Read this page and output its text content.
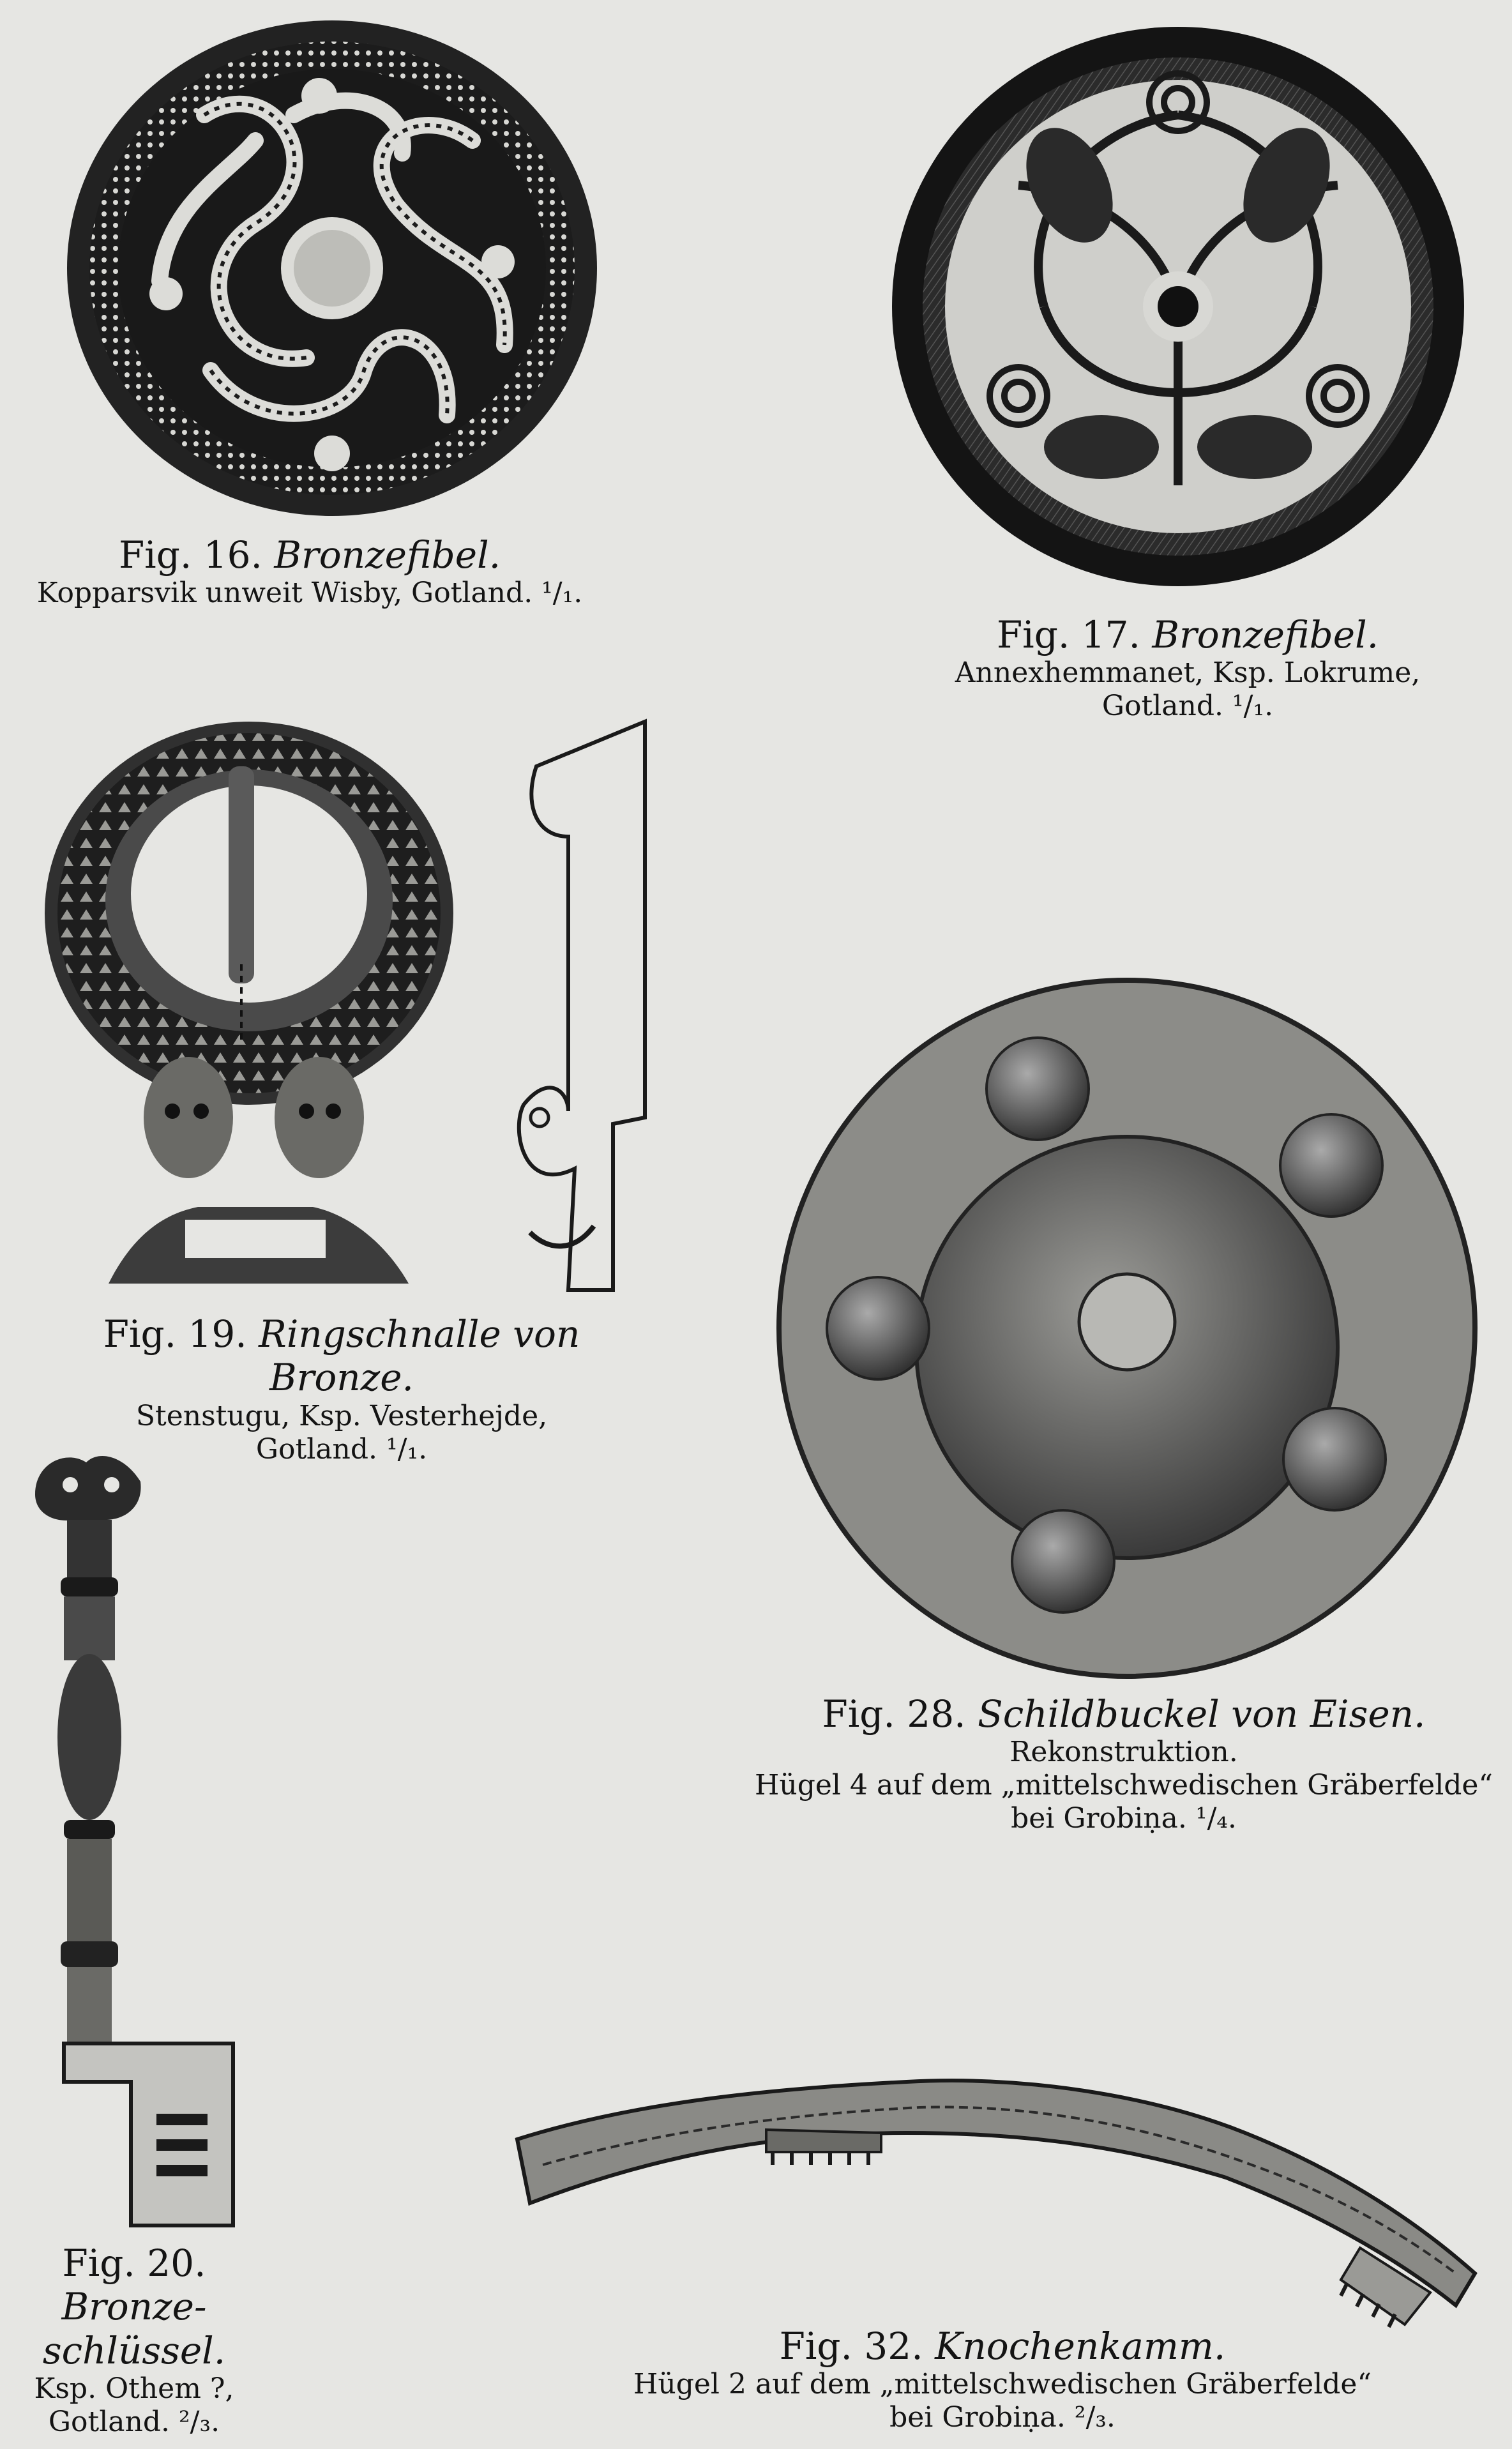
Fig. 16. Bronzefibel.
Kopparsvik unweit Wisby, Gotland. ¹/₁.
Fig. 17. Bronzefibel.
Annexhemmanet, Ksp. Lokrume,
Gotland. ¹/₁.
Fig. 19. Ringschnalle von Bronze.
Stenstugu, Ksp. Vesterhejde,
Gotland. ¹/₁.
Fig. 28. Schildbuckel von Eisen.
Rekonstruktion.
Hügel 4 auf dem „mittelschwedischen Gräberfelde“
bei Grobiṇa. ¹/₄.
Fig. 20.
Bronze-
schlüssel.
Ksp. Othem ?,
Gotland. ²/₃.
Fig. 32. Knochenkamm.
Hügel 2 auf dem „mittelschwedischen Gräberfelde“
bei Grobiṇa. ²/₃.
